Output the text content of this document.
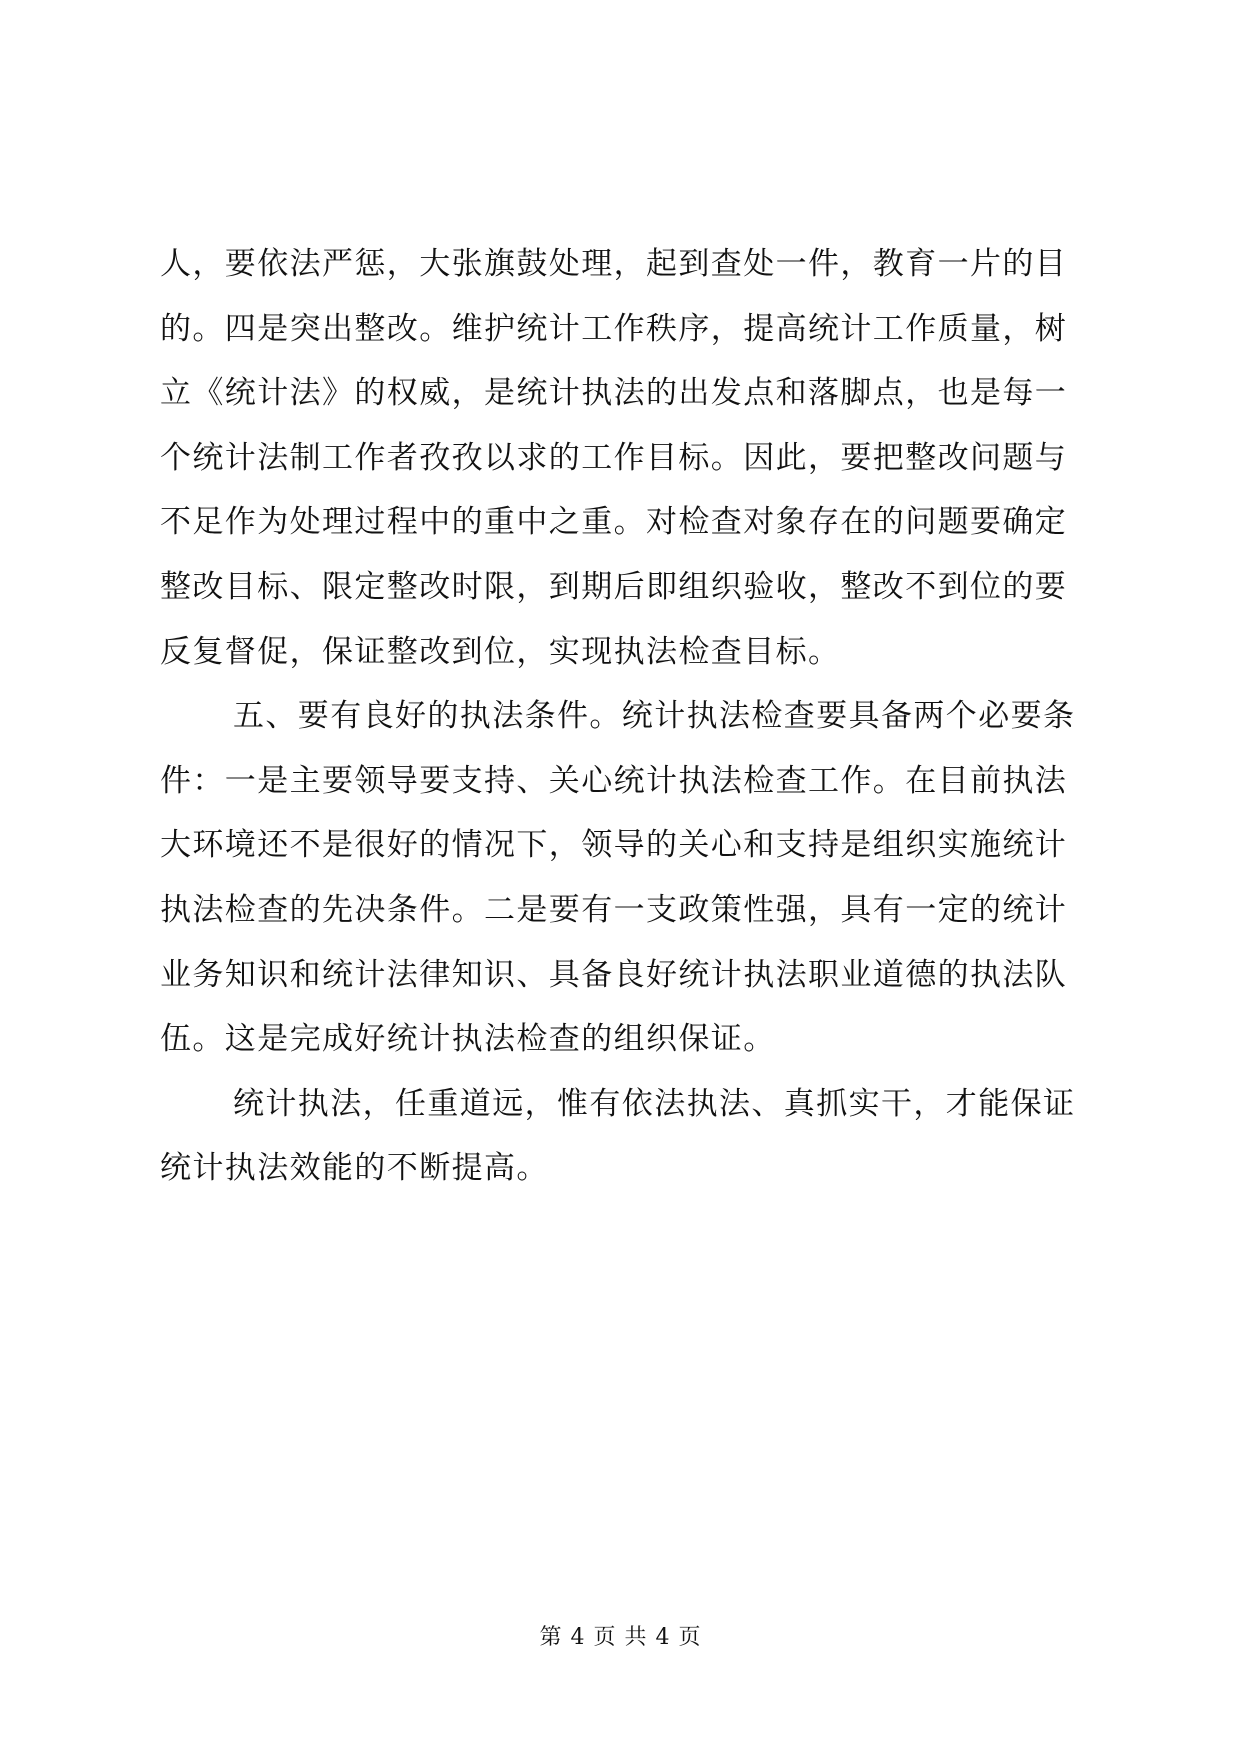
人，要依法严惩，大张旗鼓处理，起到查处一件，教育一片的目
的。四是突出整改。维护统计工作秩序，提高统计工作质量，树
立《统计法》的权威，是统计执法的出发点和落脚点，也是每一
个统计法制工作者孜孜以求的工作目标。因此，要把整改问题与
不足作为处理过程中的重中之重。对检查对象存在的问题要确定
整改目标、限定整改时限，到期后即组织验收，整改不到位的要
反复督促，保证整改到位，实现执法检查目标。
五、要有良好的执法条件。统计执法检查要具备两个必要条
件：一是主要领导要支持、关心统计执法检查工作。在目前执法
大环境还不是很好的情况下，领导的关心和支持是组织实施统计
执法检查的先决条件。二是要有一支政策性强，具有一定的统计
业务知识和统计法律知识、具备良好统计执法职业道德的执法队
伍。这是完成好统计执法检查的组织保证。
统计执法，任重道远，惟有依法执法、真抓实干，才能保证
统计执法效能的不断提高。
第 4 页 共 4 页
